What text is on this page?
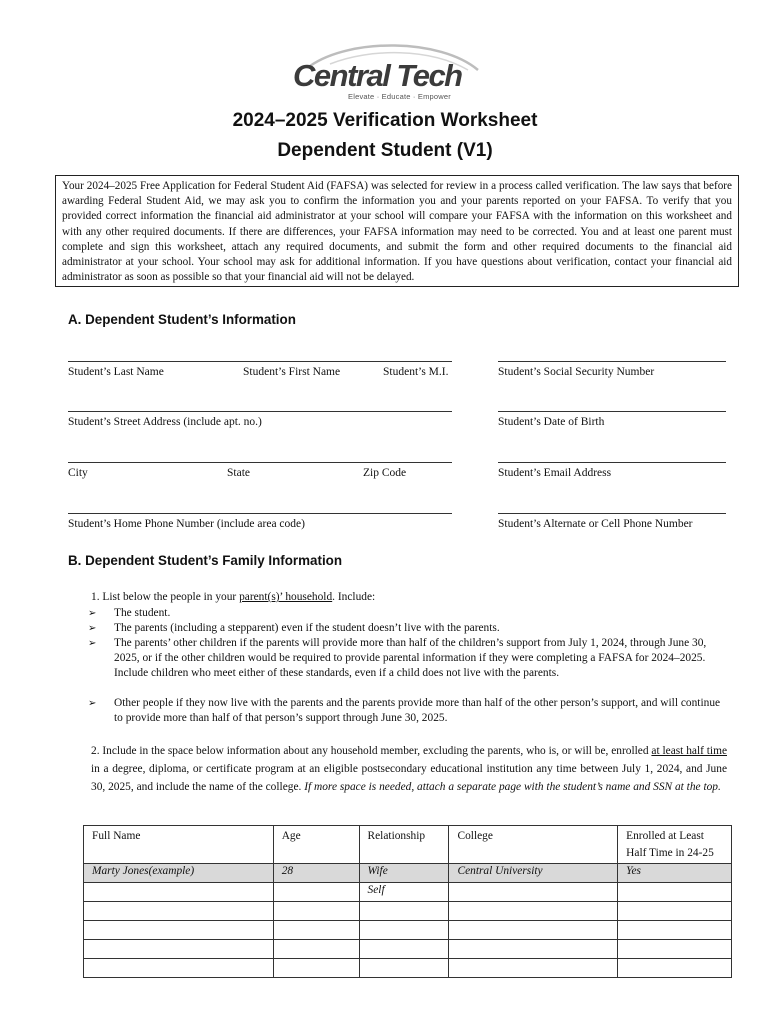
Central Tech
Elevate · Educate · Empower
2024–2025 Verification Worksheet
Dependent Student (V1)
Your 2024–2025 Free Application for Federal Student Aid (FAFSA) was selected for review in a process called verification. The law says that before awarding Federal Student Aid, we may ask you to confirm the information you and your parents reported on your FAFSA. To verify that you provided correct information the financial aid administrator at your school will compare your FAFSA with the information on this worksheet and with any other required documents. If there are differences, your FAFSA information may need to be corrected. You and at least one parent must complete and sign this worksheet, attach any required documents, and submit the form and other required documents to the financial aid administrator at your school. Your school may ask for additional information. If you have questions about verification, contact your financial aid administrator as soon as possible so that your financial aid will not be delayed.
A. Dependent Student’s Information
Student’s Last Name	Student’s First Name	Student’s M.I.	Student’s Social Security Number
Student’s Street Address (include apt. no.)	Student’s Date of Birth
City	State	Zip Code	Student’s Email Address
Student’s Home Phone Number (include area code)	Student’s Alternate or Cell Phone Number
B. Dependent Student’s Family Information
1. List below the people in your parent(s)’ household. Include:
➢ The student.
➢ The parents (including a stepparent) even if the student doesn’t live with the parents.
➢ The parents’ other children if the parents will provide more than half of the children’s support from July 1, 2024, through June 30, 2025, or if the other children would be required to provide parental information if they were completing a FAFSA for 2024–2025. Include children who meet either of these standards, even if a child does not live with the parents.
➢ Other people if they now live with the parents and the parents provide more than half of the other person’s support, and will continue to provide more than half of that person’s support through June 30, 2025.
2. Include in the space below information about any household member, excluding the parents, who is, or will be, enrolled at least half time in a degree, diploma, or certificate program at an eligible postsecondary educational institution any time between July 1, 2024, and June 30, 2025, and include the name of the college. If more space is needed, attach a separate page with the student’s name and SSN at the top.
Full Name	Age	Relationship	College	Enrolled at Least Half Time in 24-25
Marty Jones(example)	28	Wife	Central University	Yes
		Self		
